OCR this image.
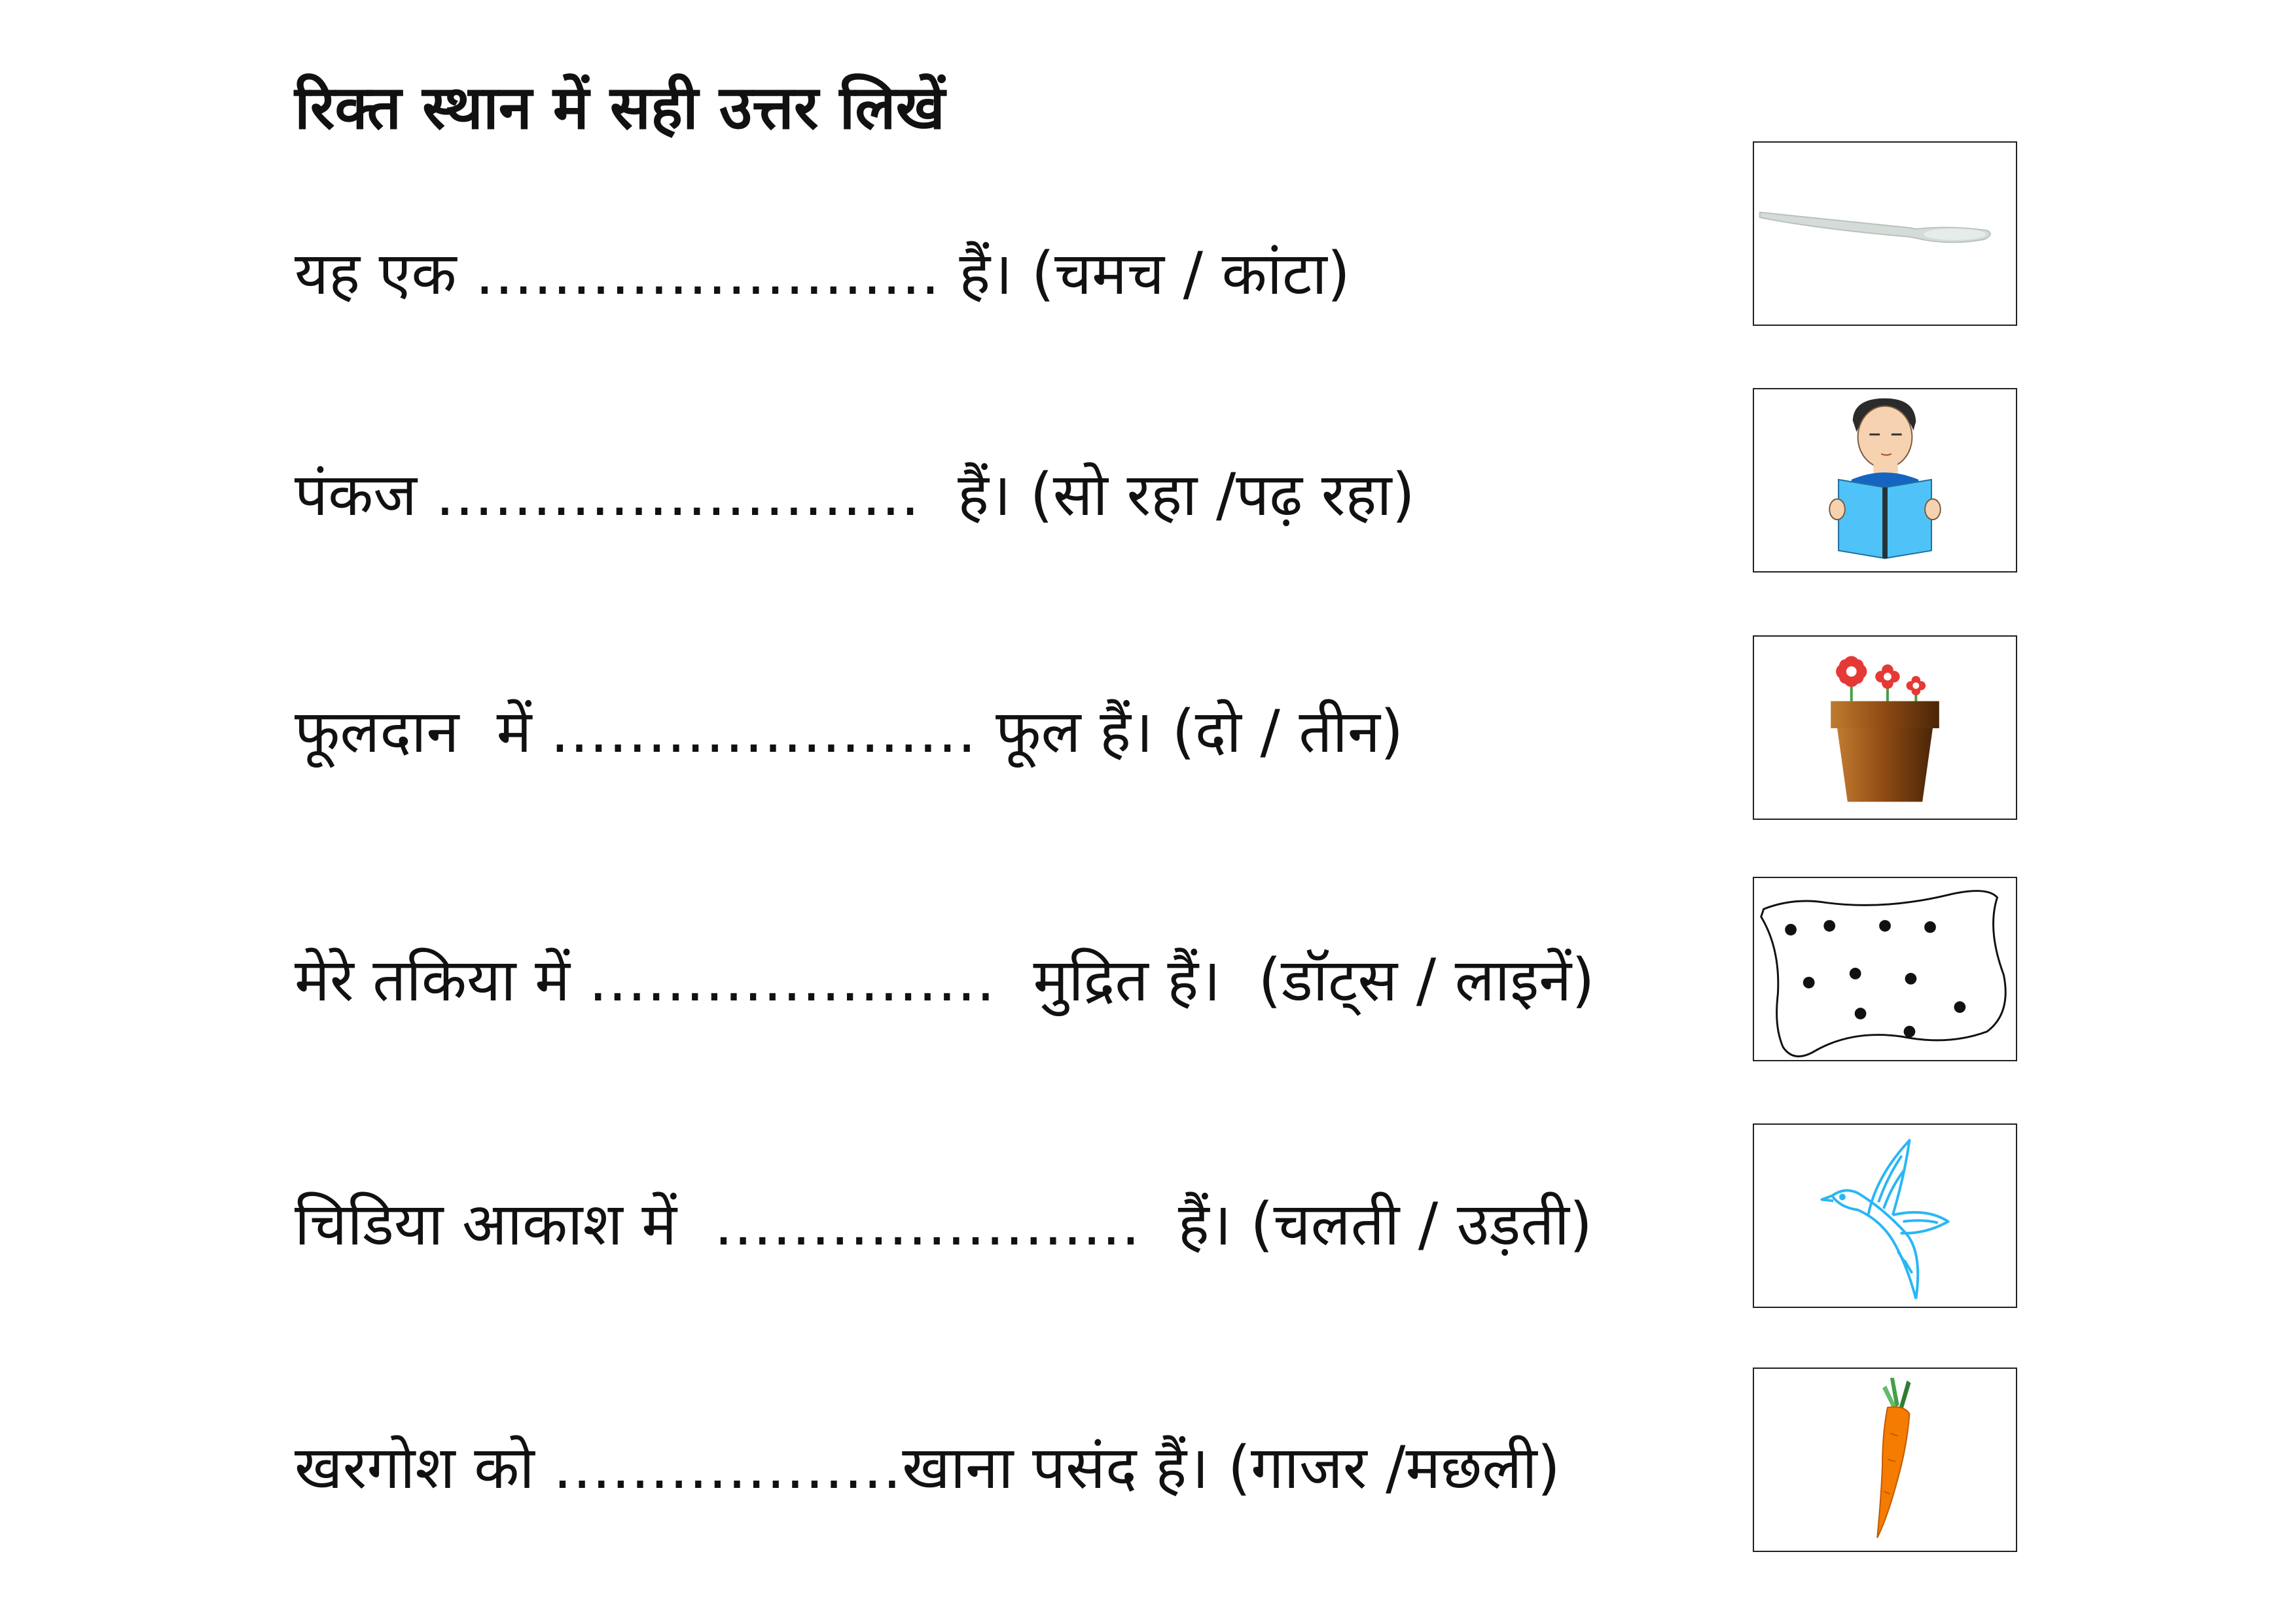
रिक्त स्थान में सही उत्तर लिखें
यह एक ........................ हैं। (चमच / कांटा)
पंकज .........................  हैं। (सो रहा /पढ़ रहा)
फूलदान  में ...................... फूल हैं। (दो / तीन)
मेरे तकिया में .....................  मुद्रित हैं।  (डॉट्स / लाइनें)
चिडिया आकाश में  ......................  हैं। (चलती / उड़ती)
खरगोश को ..................खाना पसंद हैं। (गाजर /मछली)
